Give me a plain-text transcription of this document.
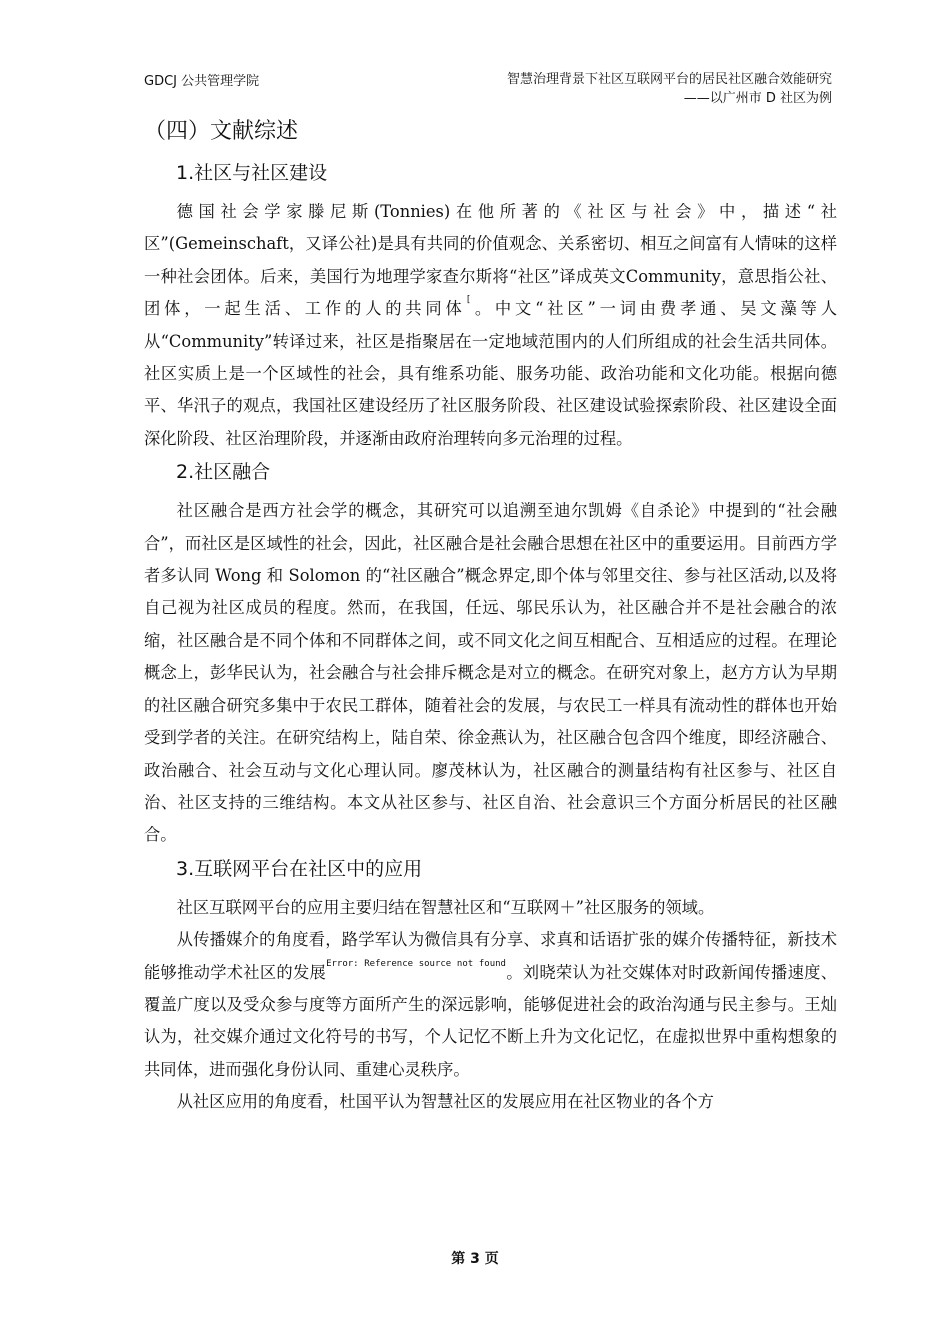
GDCJ 公共管理学院	智慧治理背景下社区互联网平台的居民社区融合效能研究
——以广州市 D 社区为例
（四）文献综述
1.社区与社区建设

德国社会学家滕尼斯(Tonnies)在他所著的《社区与社会》中，描述“社区”(Gemeinschaft，又译公社)是具有共同的价值观念、关系密切、相互之间富有人情味的这样一种社会团体。后来，美国行为地理学家查尔斯将“社区”译成英文Community，意思指公社、团体，一起生活、工作的人的共同体[。中文“社区”一词由费孝通、吴文藻等人从“Community”转译过来，社区是指聚居在一定地域范围内的人们所组成的社会生活共同体。社区实质上是一个区域性的社会，具有维系功能、服务功能、政治功能和文化功能。根据向德平、华汛子的观点，我国社区建设经历了社区服务阶段、社区建设试验探索阶段、社区建设全面深化阶段、社区治理阶段，并逐渐由政府治理转向多元治理的过程。

2.社区融合

社区融合是西方社会学的概念，其研究可以追溯至迪尔凯姆《自杀论》中提到的“社会融合”，而社区是区域性的社会，因此，社区融合是社会融合思想在社区中的重要运用。目前西方学者多认同 Wong 和 Solomon 的“社区融合”概念界定,即个体与邻里交往、参与社区活动,以及将自己视为社区成员的程度。然而，在我国，任远、邬民乐认为，社区融合并不是社会融合的浓缩，社区融合是不同个体和不同群体之间，或不同文化之间互相配合、互相适应的过程。在理论概念上，彭华民认为，社会融合与社会排斥概念是对立的概念。在研究对象上，赵方方认为早期的社区融合研究多集中于农民工群体，随着社会的发展，与农民工一样具有流动性的群体也开始受到学者的关注。在研究结构上，陆自荣、徐金燕认为，社区融合包含四个维度，即经济融合、政治融合、社会互动与文化心理认同。廖茂林认为，社区融合的测量结构有社区参与、社区自治、社区支持的三维结构。本文从社区参与、社区自治、社会意识三个方面分析居民的社区融合。

3.互联网平台在社区中的应用

社区互联网平台的应用主要归结在智慧社区和“互联网＋”社区服务的领域。

从传播媒介的角度看，路学军认为微信具有分享、求真和话语扩张的媒介传播特征，新技术能够推动学术社区的发展$^{Error: Reference source not found}$。刘晓荣认为社交媒体对时政新闻传播速度、覆盖广度以及受众参与度等方面所产生的深远影响，能够促进社会的政治沟通与民主参与。王灿认为，社交媒介通过文化符号的书写，个人记忆不断上升为文化记忆，在虚拟世界中重构想象的共同体，进而强化身份认同、重建心灵秩序。

从社区应用的角度看，杜国平认为智慧社区的发展应用在社区物业的各个方

第 3 页
